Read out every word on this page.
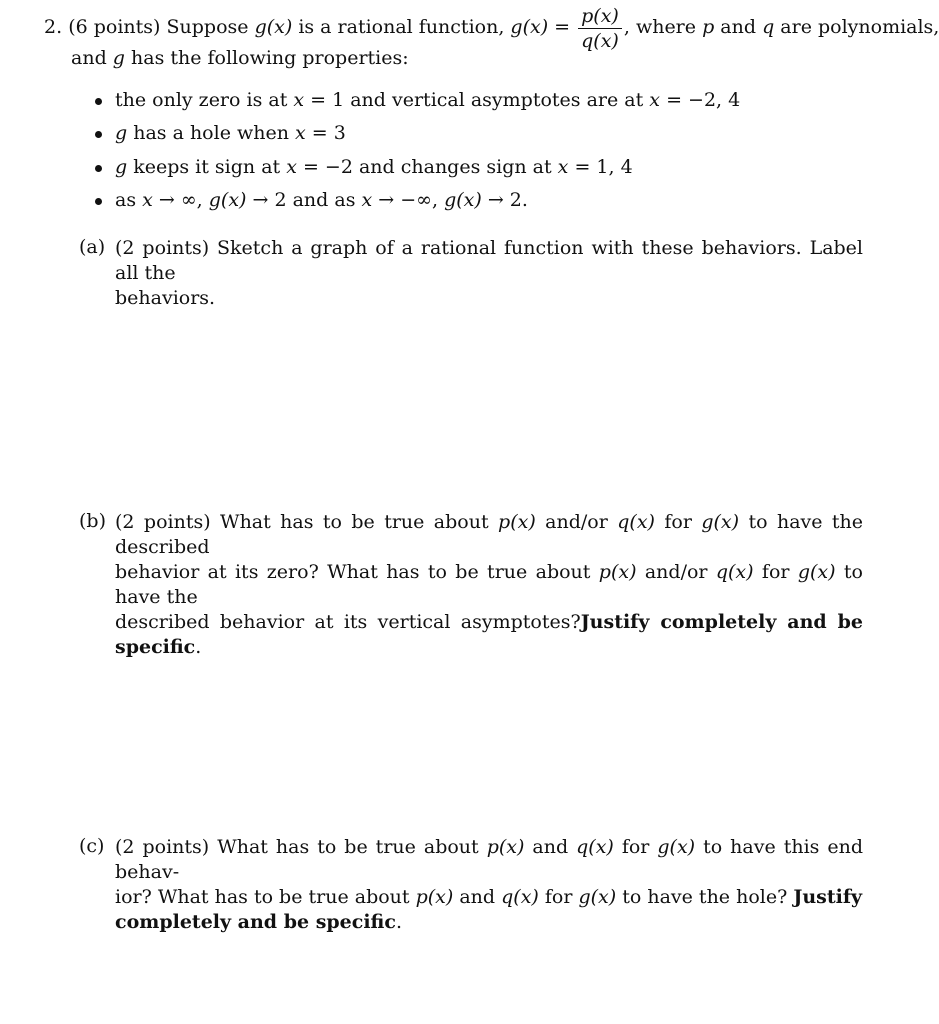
2. (6 points) Suppose g(x) is a rational function, $g(x) = \frac{p(x)}{q(x)}$ , where p and q are polynomials,
and g has the following properties:
the only zero is at x = 1 and vertical asymptotes are at x = −2, 4
g has a hole when x = 3
g keeps it sign at x = −2 and changes sign at x = 1, 4
as x → ∞, g(x) → 2 and as x → −∞, g(x) → 2.
(a) (2 points) Sketch a graph of a rational function with these behaviors. Label all the
behaviors.
(b) (2 points) What has to be true about p(x) and/or q(x) for g(x) to have the described
behavior at its zero? What has to be true about p(x) and/or q(x) for g(x) to have the
described behavior at its vertical asymptotes?Justify completely and be specific.
(c) (2 points) What has to be true about p(x) and q(x) for g(x) to have this end behav-
ior? What has to be true about p(x) and q(x) for g(x) to have the hole? Justify
completely and be specific.
